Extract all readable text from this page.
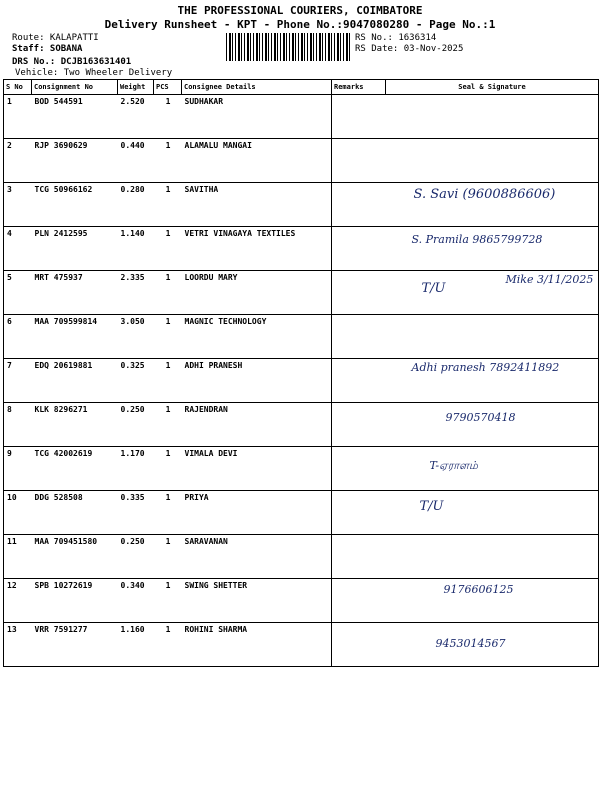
THE PROFESSIONAL COURIERS, COIMBATORE
Delivery Runsheet - KPT - Phone No.:9047080280 - Page No.:1
Route: KALAPATTI
Staff: SOBANA
DRS No.: DCJB163631401
Vehicle: Two Wheeler Delivery
RS No.: 1636314
RS Date: 03-Nov-2025
S No	Consignment No	Weight	PCS	Consignee Details	Remarks	Seal & Signature
1	BOD 544591	2.520	1	SUDHAKAR		
2	RJP 3690629	0.440	1	ALAMALU MANGAI		
3	TCG 50966162	0.280	1	SAVITHA		S. Savi (9600886606)

4	PLN 2412595	1.140	1	VETRI VINAGAYA TEXTILES		S. Pramila 9865799728

5	MRT 475937	2.335	1	LOORDU MARY		T/U
Mike 3/11/2025

6	MAA 709599814	3.050	1	MAGNIC TECHNOLOGY		
7	EDQ 20619881	0.325	1	ADHI PRANESH		Adhi pranesh 7892411892

8	KLK 8296271	0.250	1	RAJENDRAN		9790570418

9	TCG 42002619	1.170	1	VIMALA DEVI		T-ஏராளம்

10	DDG 528508	0.335	1	PRIYA		T/U

11	MAA 709451580	0.250	1	SARAVANAN		
12	SPB 10272619	0.340	1	SWING SHETTER		9176606125

13	VRR 7591277	1.160	1	ROHINI SHARMA		9453014567
